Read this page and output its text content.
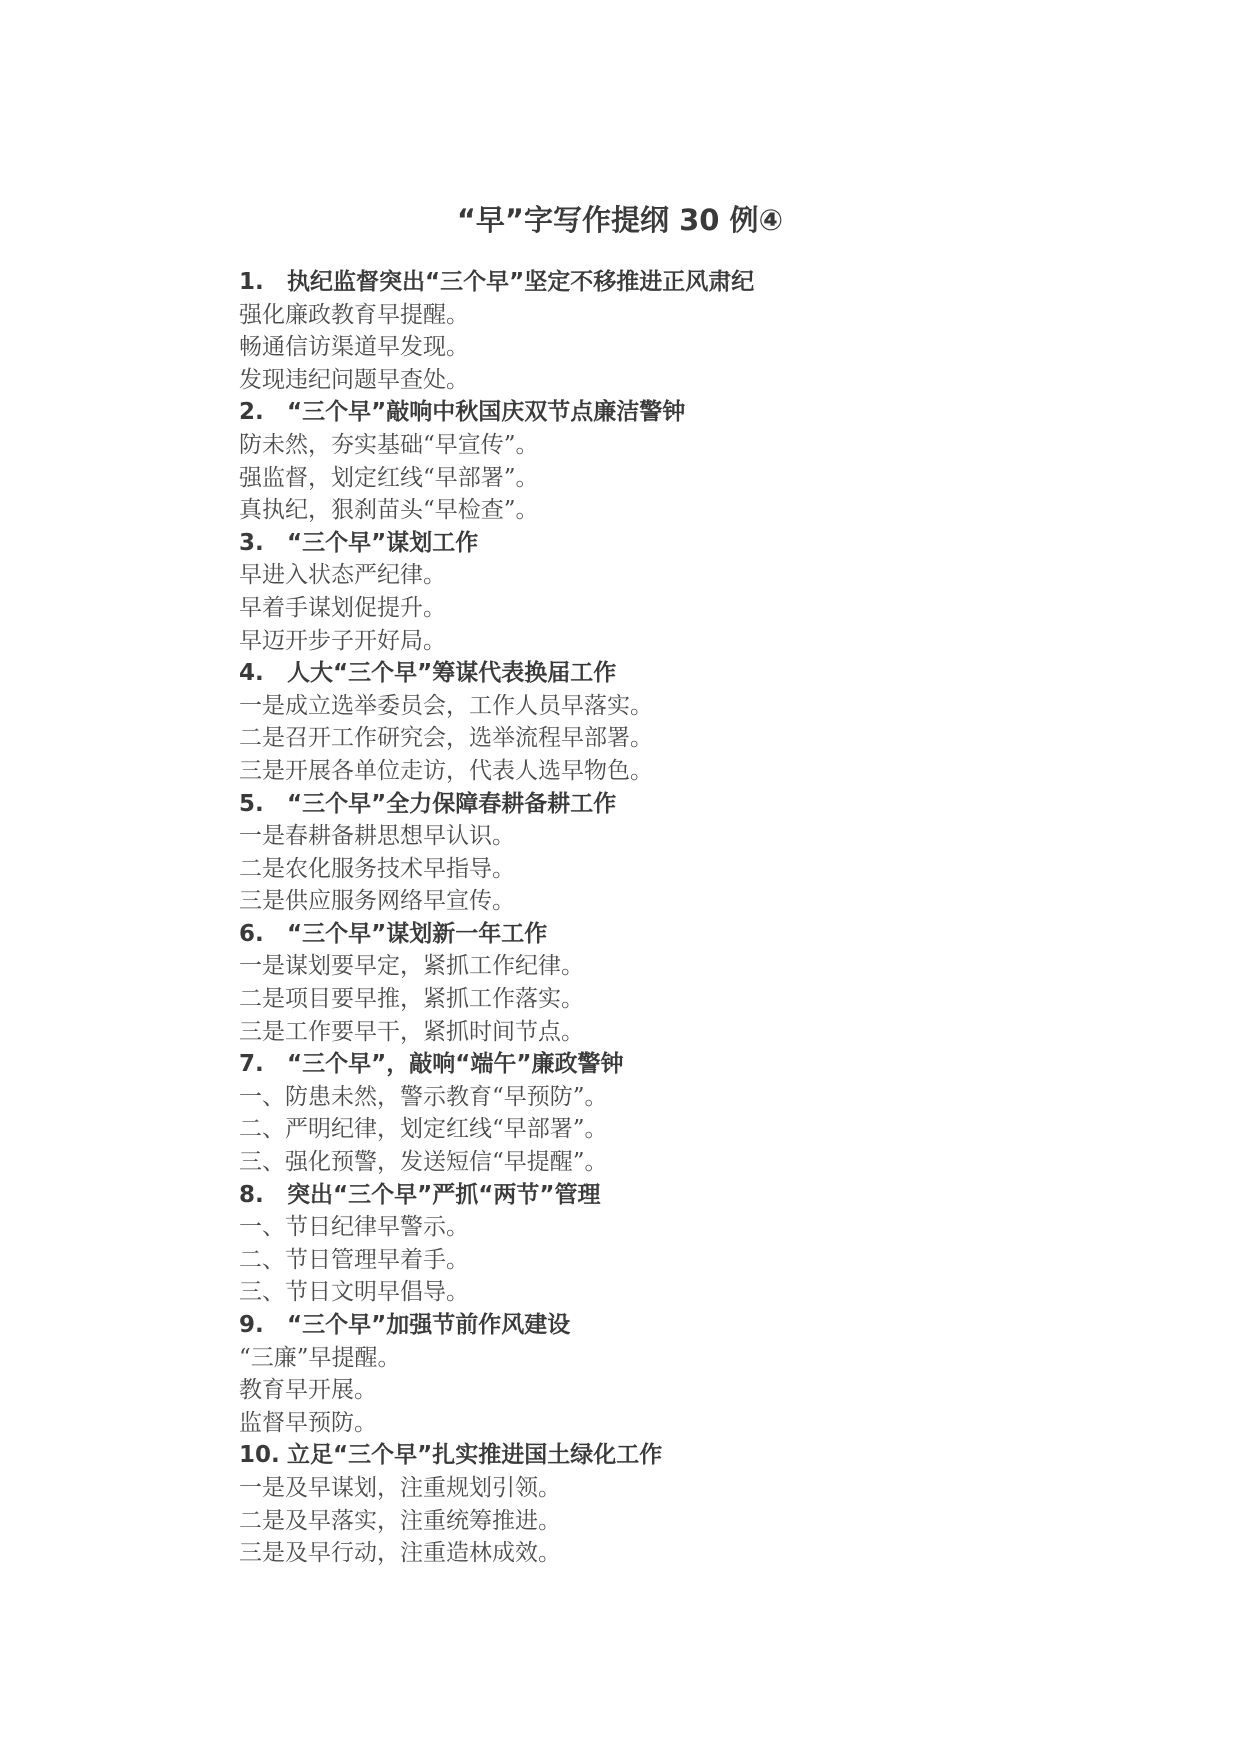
“早”字写作提纲 30 例④
1. 执纪监督突出“三个早”坚定不移推进正风肃纪
强化廉政教育早提醒。
畅通信访渠道早发现。
发现违纪问题早查处。
2. “三个早”敲响中秋国庆双节点廉洁警钟
防未然，夯实基础“早宣传”。
强监督，划定红线“早部署”。
真执纪，狠刹苗头“早检查”。
3. “三个早”谋划工作
早进入状态严纪律。
早着手谋划促提升。
早迈开步子开好局。
4. 人大“三个早”筹谋代表换届工作
一是成立选举委员会，工作人员早落实。
二是召开工作研究会，选举流程早部署。
三是开展各单位走访，代表人选早物色。
5. “三个早”全力保障春耕备耕工作
一是春耕备耕思想早认识。
二是农化服务技术早指导。
三是供应服务网络早宣传。
6. “三个早”谋划新一年工作
一是谋划要早定，紧抓工作纪律。
二是项目要早推，紧抓工作落实。
三是工作要早干，紧抓时间节点。
7. “三个早”，敲响“端午”廉政警钟
一、防患未然，警示教育“早预防”。
二、严明纪律，划定红线“早部署”。
三、强化预警，发送短信“早提醒”。
8. 突出“三个早”严抓“两节”管理
一、节日纪律早警示。
二、节日管理早着手。
三、节日文明早倡导。
9. “三个早”加强节前作风建设
“三廉”早提醒。
教育早开展。
监督早预防。
10. 立足“三个早”扎实推进国土绿化工作
一是及早谋划，注重规划引领。
二是及早落实，注重统筹推进。
三是及早行动，注重造林成效。
